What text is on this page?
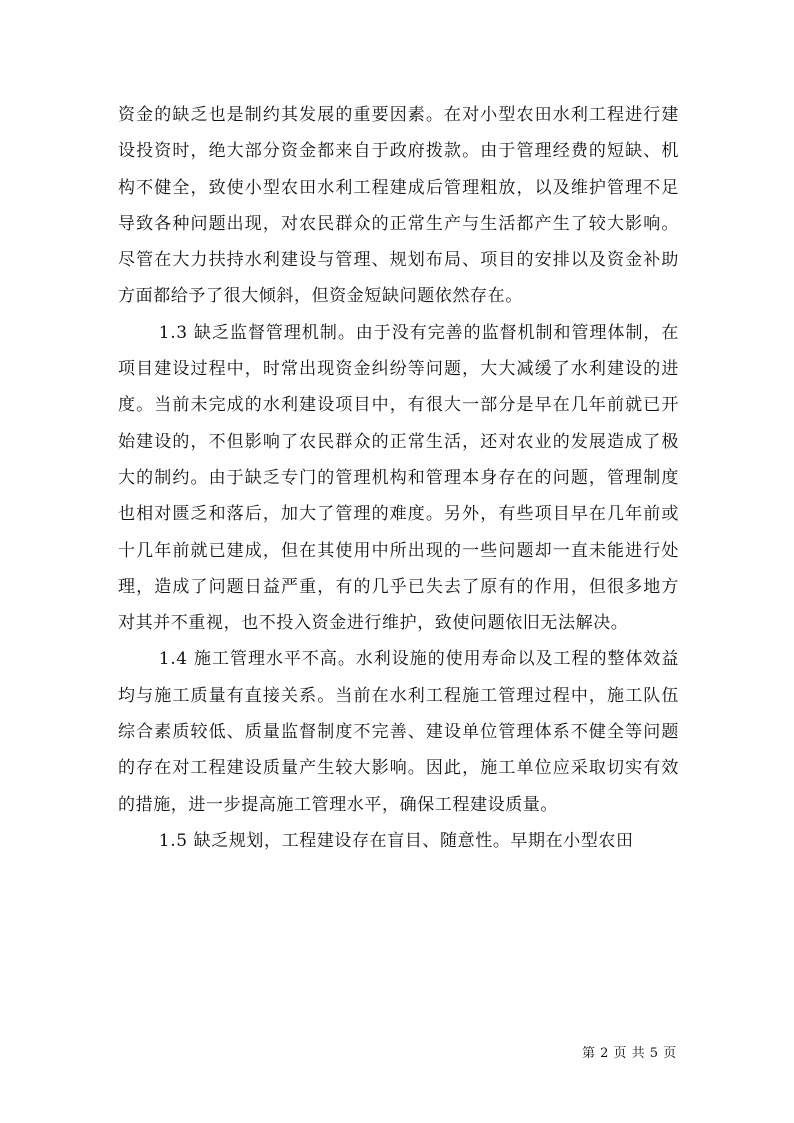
资金的缺乏也是制约其发展的重要因素。在对小型农田水利工程进行建设投资时，绝大部分资金都来自于政府拨款。由于管理经费的短缺、机构不健全，致使小型农田水利工程建成后管理粗放，以及维护管理不足导致各种问题出现，对农民群众的正常生产与生活都产生了较大影响。尽管在大力扶持水利建设与管理、规划布局、项目的安排以及资金补助方面都给予了很大倾斜，但资金短缺问题依然存在。

1.3 缺乏监督管理机制。由于没有完善的监督机制和管理体制，在项目建设过程中，时常出现资金纠纷等问题，大大减缓了水利建设的进度。当前未完成的水利建设项目中，有很大一部分是早在几年前就已开始建设的，不但影响了农民群众的正常生活，还对农业的发展造成了极大的制约。由于缺乏专门的管理机构和管理本身存在的问题，管理制度也相对匮乏和落后，加大了管理的难度。另外，有些项目早在几年前或十几年前就已建成，但在其使用中所出现的一些问题却一直未能进行处理，造成了问题日益严重，有的几乎已失去了原有的作用，但很多地方对其并不重视，也不投入资金进行维护，致使问题依旧无法解决。

1.4 施工管理水平不高。水利设施的使用寿命以及工程的整体效益均与施工质量有直接关系。当前在水利工程施工管理过程中，施工队伍综合素质较低、质量监督制度不完善、建设单位管理体系不健全等问题的存在对工程建设质量产生较大影响。因此，施工单位应采取切实有效的措施，进一步提高施工管理水平，确保工程建设质量。

1.5 缺乏规划，工程建设存在盲目、随意性。早期在小型农田

第 2 页 共 5 页
